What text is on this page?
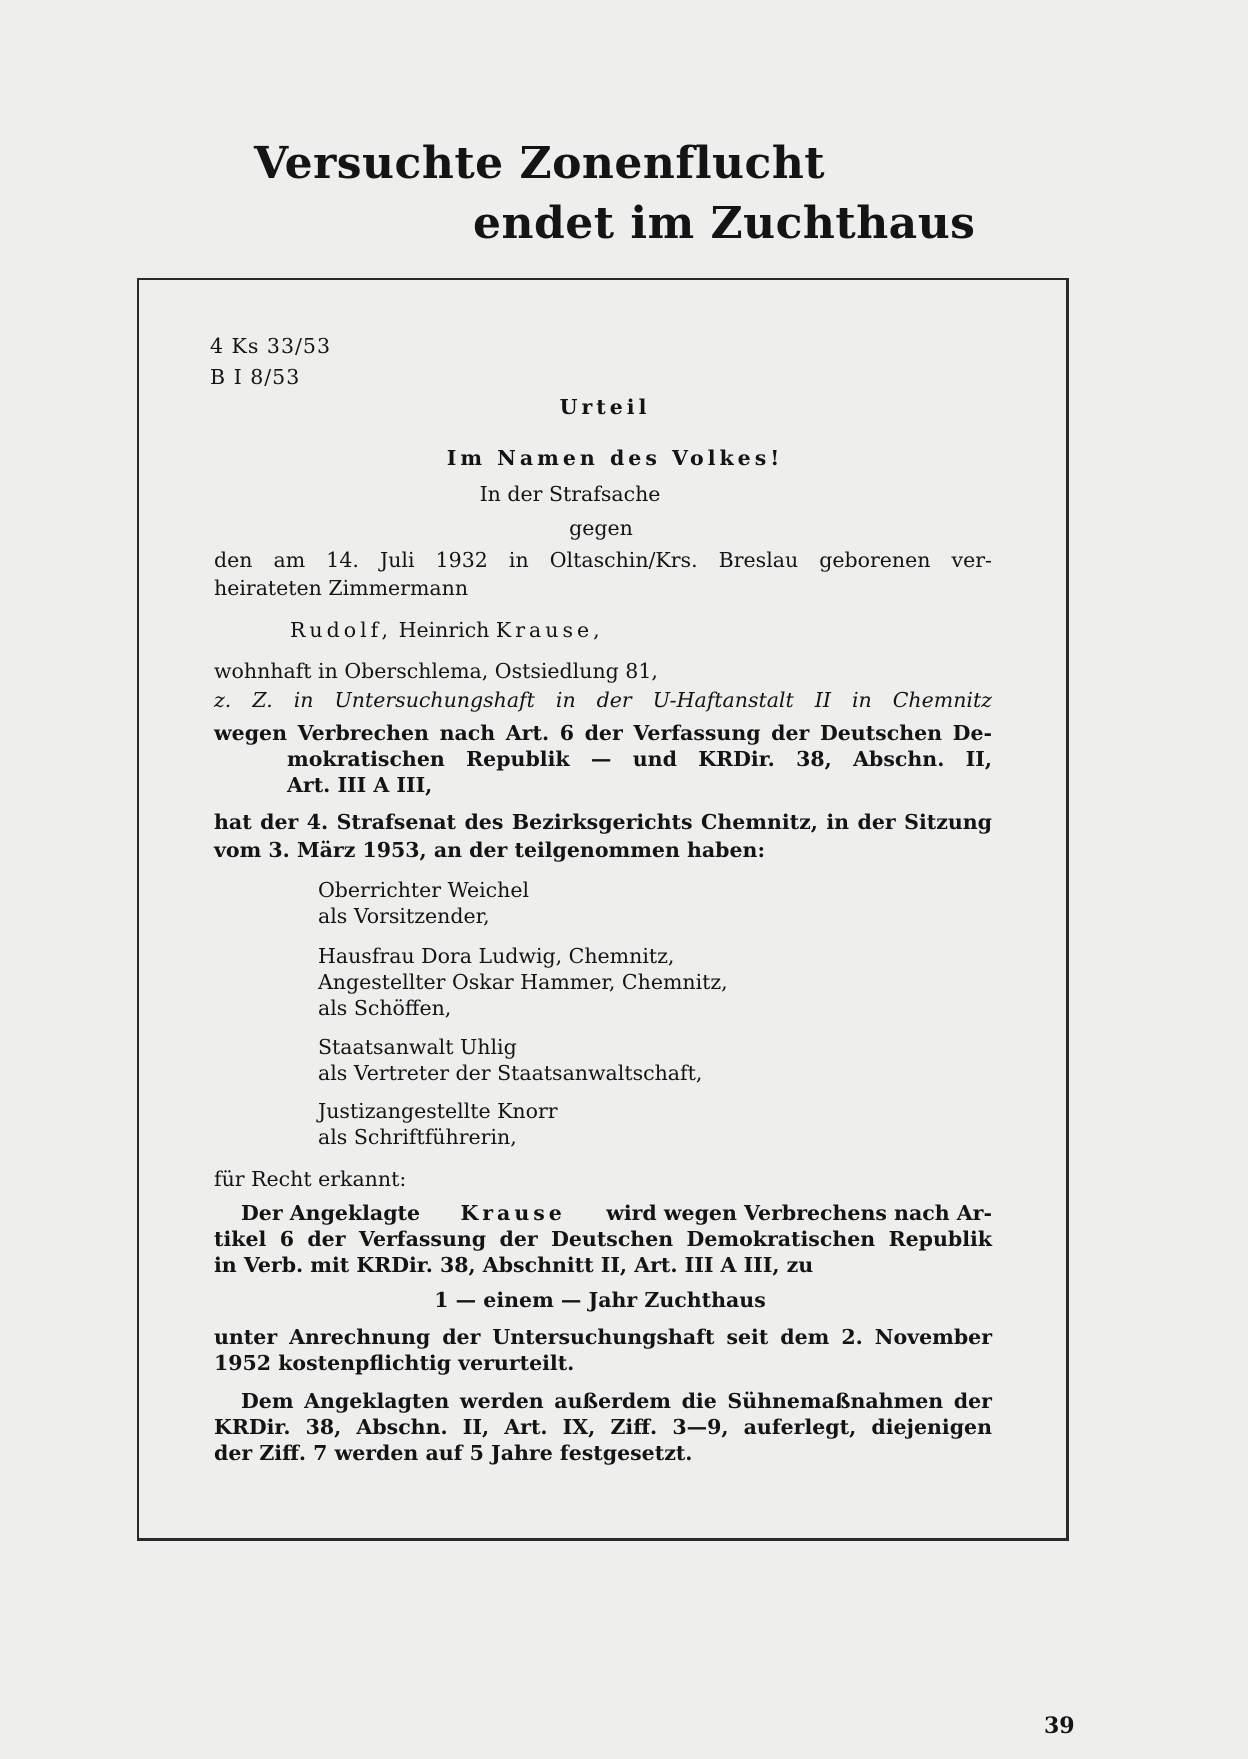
Versuchte Zonenflucht
endet im Zuchthaus
4 Ks 33/53
B I 8/53
Urteil
Im Namen des Volkes!
In der Strafsache
gegen
den am 14. Juli 1932 in Oltaschin/Krs. Breslau geborenen ver-
heirateten Zimmermann
Rudolf, Heinrich Krause,
wohnhaft in Oberschlema, Ostsiedlung 81,
z. Z. in Untersuchungshaft in der U-Haftanstalt II in Chemnitz
wegen Verbrechen nach Art. 6 der Verfassung der Deutschen De-
mokratischen Republik — und KRDir. 38, Abschn. II,
Art. III A III,
hat der 4. Strafsenat des Bezirksgerichts Chemnitz, in der Sitzung
vom 3. März 1953, an der teilgenommen haben:
Oberrichter Weichel
als Vorsitzender,
Hausfrau Dora Ludwig, Chemnitz,
Angestellter Oskar Hammer, Chemnitz,
als Schöffen,
Staatsanwalt Uhlig
als Vertreter der Staatsanwaltschaft,
Justizangestellte Knorr
als Schriftführerin,
für Recht erkannt:
Der Angeklagte Krause wird wegen Verbrechens nach Ar-
tikel 6 der Verfassung der Deutschen Demokratischen Republik
in Verb. mit KRDir. 38, Abschnitt II, Art. III A III, zu
1 — einem — Jahr Zuchthaus
unter Anrechnung der Untersuchungshaft seit dem 2. November
1952 kostenpflichtig verurteilt.
Dem Angeklagten werden außerdem die Sühnemaßnahmen der
KRDir. 38, Abschn. II, Art. IX, Ziff. 3—9, auferlegt, diejenigen
der Ziff. 7 werden auf 5 Jahre festgesetzt.
39
